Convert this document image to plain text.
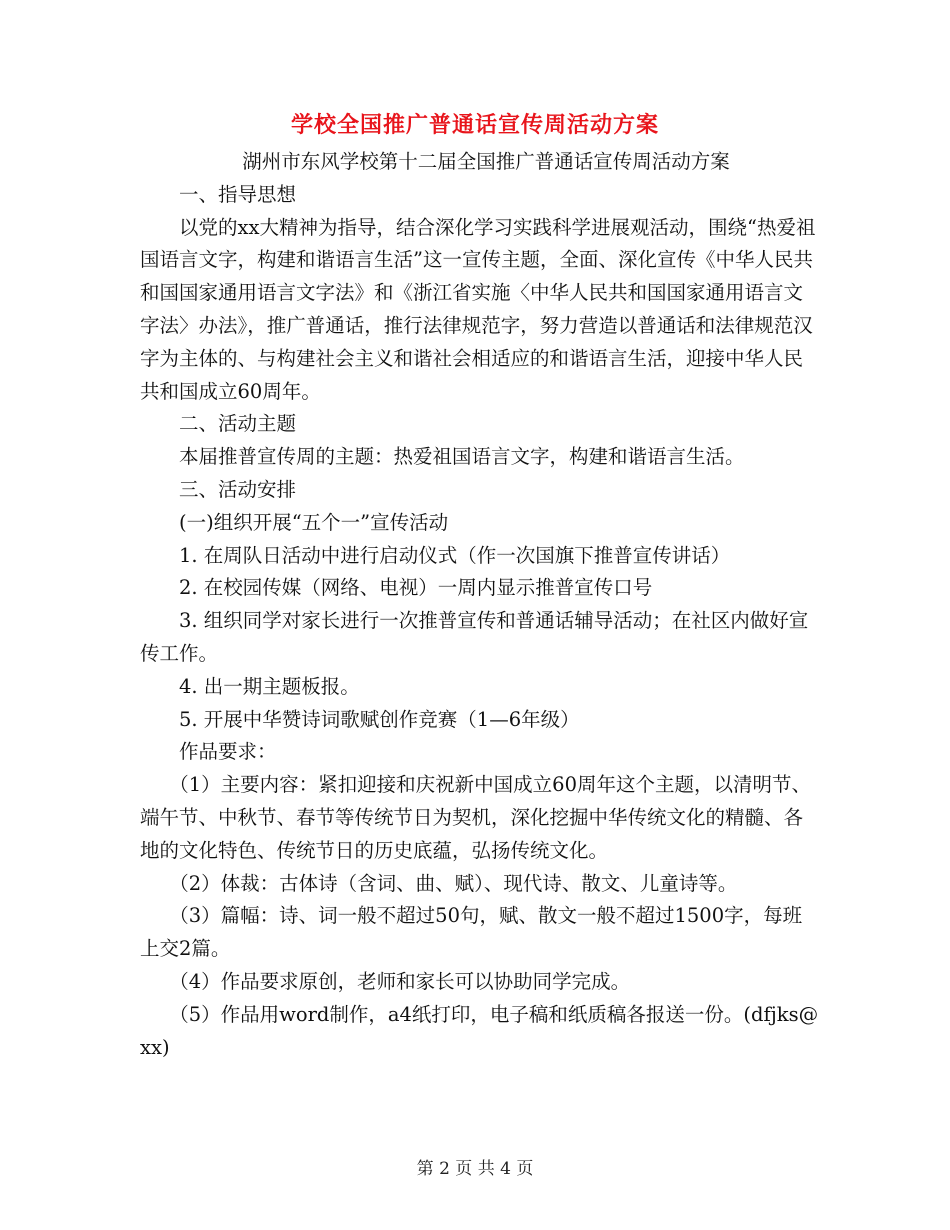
学校全国推广普通话宣传周活动方案

湖州市东风学校第十二届全国推广普通话宣传周活动方案

一、指导思想

以党的xx大精神为指导，结合深化学习实践科学进展观活动，围绕“热爱祖国语言文字，构建和谐语言生活”这一宣传主题，全面、深化宣传《中华人民共和国国家通用语言文字法》和《浙江省实施〈中华人民共和国国家通用语言文字法〉办法》，推广普通话，推行法律规范字，努力营造以普通话和法律规范汉字为主体的、与构建社会主义和谐社会相适应的和谐语言生活，迎接中华人民共和国成立60周年。

二、活动主题

本届推普宣传周的主题：热爱祖国语言文字，构建和谐语言生活。

三、活动安排

(一)组织开展“五个一”宣传活动

1. 在周队日活动中进行启动仪式（作一次国旗下推普宣传讲话）

2. 在校园传媒（网络、电视）一周内显示推普宣传口号

3. 组织同学对家长进行一次推普宣传和普通话辅导活动；在社区内做好宣传工作。

4. 出一期主题板报。

5. 开展中华赞诗词歌赋创作竞赛（1—6年级）

作品要求：

（1）主要内容：紧扣迎接和庆祝新中国成立60周年这个主题，以清明节、端午节、中秋节、春节等传统节日为契机，深化挖掘中华传统文化的精髓、各地的文化特色、传统节日的历史底蕴，弘扬传统文化。

（2）体裁：古体诗（含词、曲、赋）、现代诗、散文、儿童诗等。

（3）篇幅：诗、词一般不超过50句，赋、散文一般不超过1500字，每班上交2篇。

（4）作品要求原创，老师和家长可以协助同学完成。

（5）作品用word制作，a4纸打印，电子稿和纸质稿各报送一份。(dfjks@xx)

第 2 页 共 4 页
